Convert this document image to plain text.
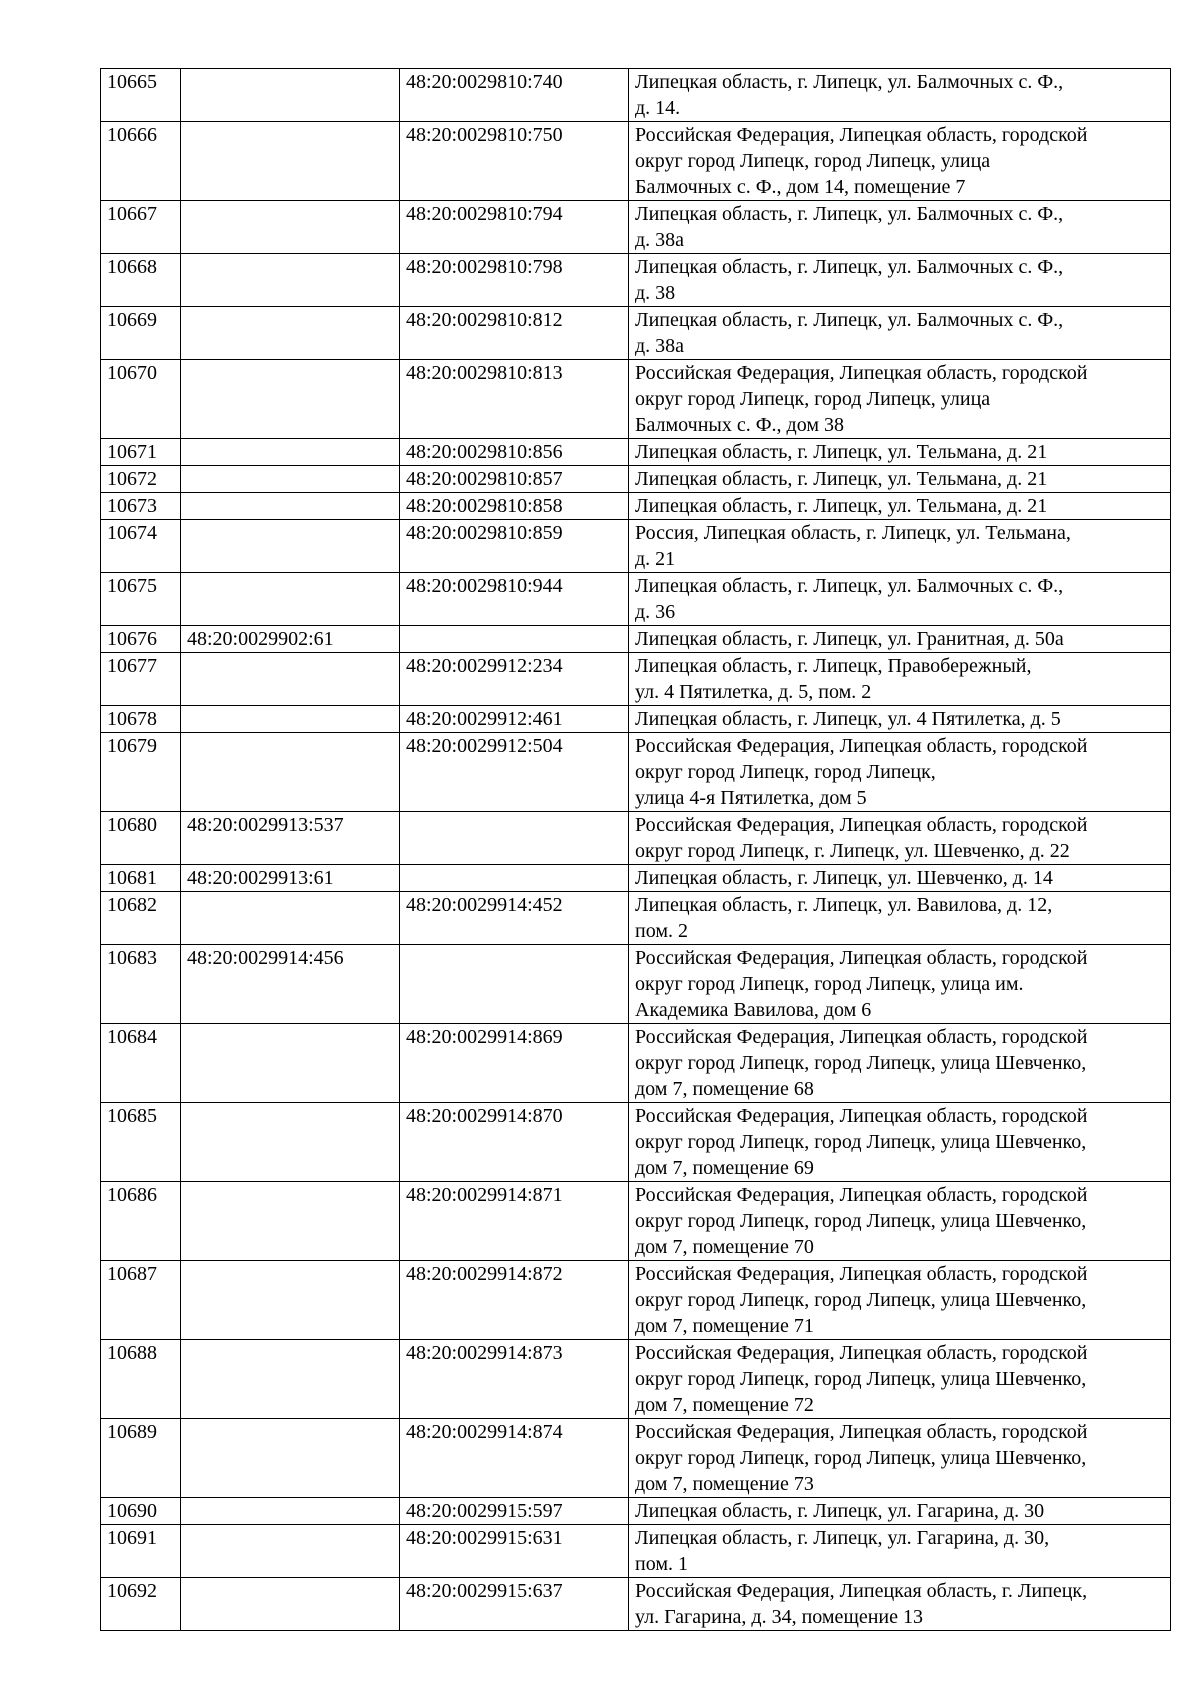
10665		48:20:0029810:740	Липецкая область, г. Липецк, ул. Балмочных с. Ф.,
д. 14.

10666		48:20:0029810:750	Российская Федерация, Липецкая область, городской
округ город Липецк, город Липецк, улица
Балмочных с. Ф., дом 14, помещение 7

10667		48:20:0029810:794	Липецкая область, г. Липецк, ул. Балмочных с. Ф.,
д. 38а

10668		48:20:0029810:798	Липецкая область, г. Липецк, ул. Балмочных с. Ф.,
д. 38

10669		48:20:0029810:812	Липецкая область, г. Липецк, ул. Балмочных с. Ф.,
д. 38а

10670		48:20:0029810:813	Российская Федерация, Липецкая область, городской
округ город Липецк, город Липецк, улица
Балмочных с. Ф., дом 38

10671		48:20:0029810:856	Липецкая область, г. Липецк, ул. Тельмана, д. 21

10672		48:20:0029810:857	Липецкая область, г. Липецк, ул. Тельмана, д. 21

10673		48:20:0029810:858	Липецкая область, г. Липецк, ул. Тельмана, д. 21

10674		48:20:0029810:859	Россия, Липецкая область, г. Липецк, ул. Тельмана,
д. 21

10675		48:20:0029810:944	Липецкая область, г. Липецк, ул. Балмочных с. Ф.,
д. 36

10676	48:20:0029902:61		Липецкая область, г. Липецк, ул. Гранитная, д. 50а

10677		48:20:0029912:234	Липецкая область, г. Липецк, Правобережный,
ул. 4 Пятилетка, д. 5, пом. 2

10678		48:20:0029912:461	Липецкая область, г. Липецк, ул. 4 Пятилетка, д. 5

10679		48:20:0029912:504	Российская Федерация, Липецкая область, городской
округ город Липецк, город Липецк,
улица 4-я Пятилетка, дом 5

10680	48:20:0029913:537		Российская Федерация, Липецкая область, городской
округ город Липецк, г. Липецк, ул. Шевченко, д. 22

10681	48:20:0029913:61		Липецкая область, г. Липецк, ул. Шевченко, д. 14

10682		48:20:0029914:452	Липецкая область, г. Липецк, ул. Вавилова, д. 12,
пом. 2

10683	48:20:0029914:456		Российская Федерация, Липецкая область, городской
округ город Липецк, город Липецк, улица им.
Академика Вавилова, дом 6

10684		48:20:0029914:869	Российская Федерация, Липецкая область, городской
округ город Липецк, город Липецк, улица Шевченко,
дом 7, помещение 68

10685		48:20:0029914:870	Российская Федерация, Липецкая область, городской
округ город Липецк, город Липецк, улица Шевченко,
дом 7, помещение 69

10686		48:20:0029914:871	Российская Федерация, Липецкая область, городской
округ город Липецк, город Липецк, улица Шевченко,
дом 7, помещение 70

10687		48:20:0029914:872	Российская Федерация, Липецкая область, городской
округ город Липецк, город Липецк, улица Шевченко,
дом 7, помещение 71

10688		48:20:0029914:873	Российская Федерация, Липецкая область, городской
округ город Липецк, город Липецк, улица Шевченко,
дом 7, помещение 72

10689		48:20:0029914:874	Российская Федерация, Липецкая область, городской
округ город Липецк, город Липецк, улица Шевченко,
дом 7, помещение 73

10690		48:20:0029915:597	Липецкая область, г. Липецк, ул. Гагарина, д. 30

10691		48:20:0029915:631	Липецкая область, г. Липецк, ул. Гагарина, д. 30,
пом. 1

10692		48:20:0029915:637	Российская Федерация, Липецкая область, г. Липецк,
ул. Гагарина, д. 34, помещение 13
